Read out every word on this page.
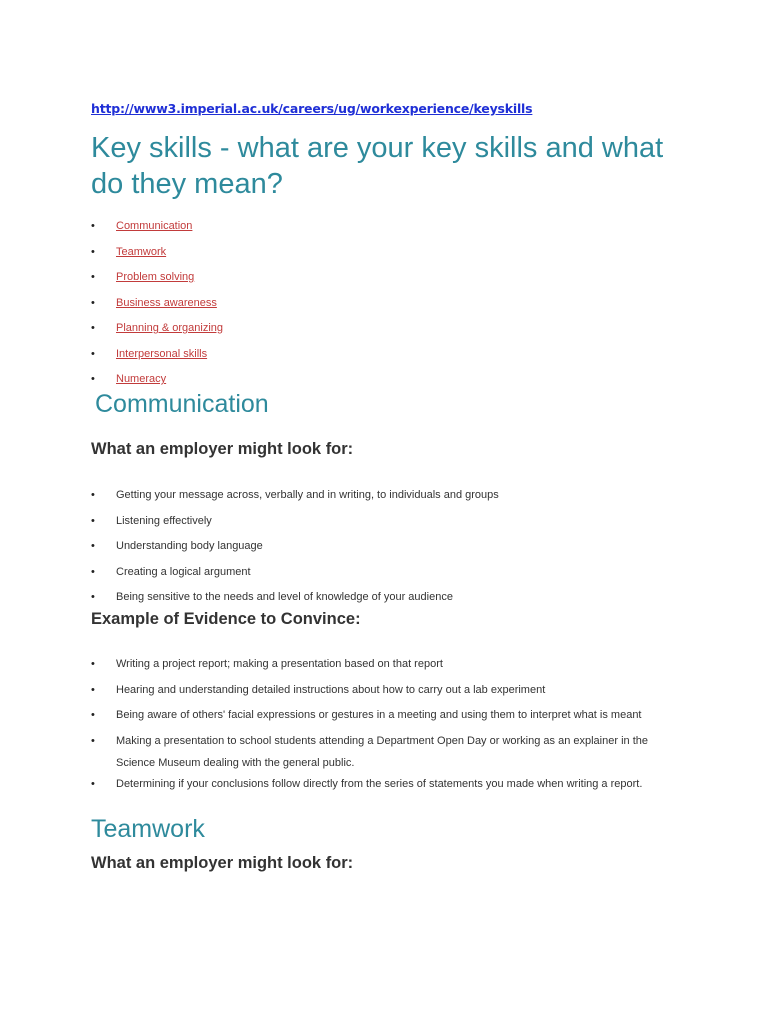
http://www3.imperial.ac.uk/careers/ug/workexperience/keyskills
Key skills - what are your key skills and what do they mean?
• Communication
• Teamwork
• Problem solving
• Business awareness
• Planning & organizing
• Interpersonal skills
• Numeracy
Communication
What an employer might look for:
• Getting your message across, verbally and in writing, to individuals and groups
• Listening effectively
• Understanding body language
• Creating a logical argument
• Being sensitive to the needs and level of knowledge of your audience
Example of Evidence to Convince:
• Writing a project report; making a presentation based on that report
• Hearing and understanding detailed instructions about how to carry out a lab experiment
• Being aware of others' facial expressions or gestures in a meeting and using them to interpret what is meant
• Making a presentation to school students attending a Department Open Day or working as an explainer in the Science Museum dealing with the general public.
• Determining if your conclusions follow directly from the series of statements you made when writing a report.
Teamwork
What an employer might look for:
